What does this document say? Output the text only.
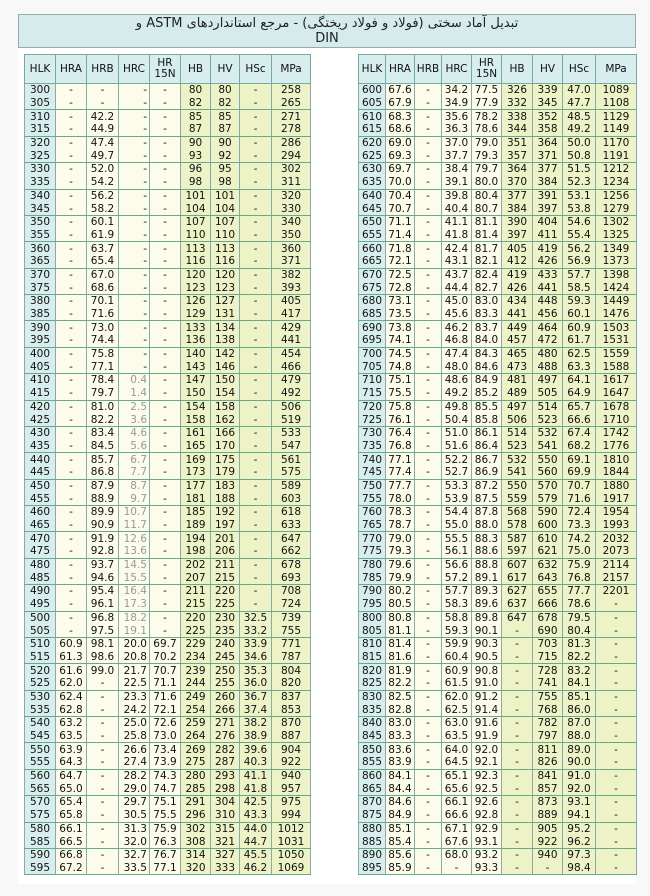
تبدیل آماد سختی (فولاد و فولاد ریختگی) - مرجع استانداردهای ASTM و
DIN
HLK	HRA	HRB	HRC	HR 15N	HB	HV	HSc	MPa
300	-	-	-	-	80	80	-	258
305	-	-	-	-	82	82	-	265
310	-	42.2	-	-	85	85	-	271
315	-	44.9	-	-	87	87	-	278
320	-	47.4	-	-	90	90	-	286
325	-	49.7	-	-	93	92	-	294
330	-	52.0	-	-	96	95	-	302
335	-	54.2	-	-	98	98	-	311
340	-	56.2	-	-	101	101	-	320
345	-	58.2	-	-	104	104	-	330
350	-	60.1	-	-	107	107	-	340
355	-	61.9	-	-	110	110	-	350
360	-	63.7	-	-	113	113	-	360
365	-	65.4	-	-	116	116	-	371
370	-	67.0	-	-	120	120	-	382
375	-	68.6	-	-	123	123	-	393
380	-	70.1	-	-	126	127	-	405
385	-	71.6	-	-	129	131	-	417
390	-	73.0	-	-	133	134	-	429
395	-	74.4	-	-	136	138	-	441
400	-	75.8	-	-	140	142	-	454
405	-	77.1	-	-	143	146	-	466
410	-	78.4	0.4	-	147	150	-	479
415	-	79.7	1.4	-	150	154	-	492
420	-	81.0	2.5	-	154	158	-	506
425	-	82.2	3.6	-	158	162	-	519
430	-	83.4	4.6	-	161	166	-	533
435	-	84.5	5.6	-	165	170	-	547
440	-	85.7	6.7	-	169	175	-	561
445	-	86.8	7.7	-	173	179	-	575
450	-	87.9	8.7	-	177	183	-	589
455	-	88.9	9.7	-	181	188	-	603
460	-	89.9	10.7	-	185	192	-	618
465	-	90.9	11.7	-	189	197	-	633
470	-	91.9	12.6	-	194	201	-	647
475	-	92.8	13.6	-	198	206	-	662
480	-	93.7	14.5	-	202	211	-	678
485	-	94.6	15.5	-	207	215	-	693
490	-	95.4	16.4	-	211	220	-	708
495	-	96.1	17.3	-	215	225	-	724
500	-	96.8	18.2	-	220	230	32.5	739
505	-	97.5	19.1	-	225	235	33.2	755
510	60.9	98.1	20.0	69.7	229	240	33.9	771
515	61.3	98.6	20.8	70.2	234	245	34.6	787
520	61.6	99.0	21.7	70.7	239	250	35.3	804
525	62.0	-	22.5	71.1	244	255	36.0	820
530	62.4	-	23.3	71.6	249	260	36.7	837
535	62.8	-	24.2	72.1	254	266	37.4	853
540	63.2	-	25.0	72.6	259	271	38.2	870
545	63.5	-	25.8	73.0	264	276	38.9	887
550	63.9	-	26.6	73.4	269	282	39.6	904
555	64.3	-	27.4	73.9	275	287	40.3	922
560	64.7	-	28.2	74.3	280	293	41.1	940
565	65.0	-	29.0	74.7	285	298	41.8	957
570	65.4	-	29.7	75.1	291	304	42.5	975
575	65.8	-	30.5	75.5	296	310	43.3	994
580	66.1	-	31.3	75.9	302	315	44.0	1012
585	66.5	-	32.0	76.3	308	321	44.7	1031
590	66.8	-	32.7	76.7	314	327	45.5	1050
595	67.2	-	33.5	77.1	320	333	46.2	1069
HLK	HRA	HRB	HRC	HR 15N	HB	HV	HSc	MPa
600	67.6	-	34.2	77.5	326	339	47.0	1089
605	67.9	-	34.9	77.9	332	345	47.7	1108
610	68.3	-	35.6	78.2	338	352	48.5	1129
615	68.6	-	36.3	78.6	344	358	49.2	1149
620	69.0	-	37.0	79.0	351	364	50.0	1170
625	69.3	-	37.7	79.3	357	371	50.8	1191
630	69.7	-	38.4	79.7	364	377	51.5	1212
635	70.0	-	39.1	80.0	370	384	52.3	1234
640	70.4	-	39.8	80.4	377	391	53.1	1256
645	70.7	-	40.4	80.7	384	397	53.8	1279
650	71.1	-	41.1	81.1	390	404	54.6	1302
655	71.4	-	41.8	81.4	397	411	55.4	1325
660	71.8	-	42.4	81.7	405	419	56.2	1349
665	72.1	-	43.1	82.1	412	426	56.9	1373
670	72.5	-	43.7	82.4	419	433	57.7	1398
675	72.8	-	44.4	82.7	426	441	58.5	1424
680	73.1	-	45.0	83.0	434	448	59.3	1449
685	73.5	-	45.6	83.3	441	456	60.1	1476
690	73.8	-	46.2	83.7	449	464	60.9	1503
695	74.1	-	46.8	84.0	457	472	61.7	1531
700	74.5	-	47.4	84.3	465	480	62.5	1559
705	74.8	-	48.0	84.6	473	488	63.3	1588
710	75.1	-	48.6	84.9	481	497	64.1	1617
715	75.5	-	49.2	85.2	489	505	64.9	1647
720	75.8	-	49.8	85.5	497	514	65.7	1678
725	76.1	-	50.4	85.8	506	523	66.6	1710
730	76.4	-	51.0	86.1	514	532	67.4	1742
735	76.8	-	51.6	86.4	523	541	68.2	1776
740	77.1	-	52.2	86.7	532	550	69.1	1810
745	77.4	-	52.7	86.9	541	560	69.9	1844
750	77.7	-	53.3	87.2	550	570	70.7	1880
755	78.0	-	53.9	87.5	559	579	71.6	1917
760	78.3	-	54.4	87.8	568	590	72.4	1954
765	78.7	-	55.0	88.0	578	600	73.3	1993
770	79.0	-	55.5	88.3	587	610	74.2	2032
775	79.3	-	56.1	88.6	597	621	75.0	2073
780	79.6	-	56.6	88.8	607	632	75.9	2114
785	79.9	-	57.2	89.1	617	643	76.8	2157
790	80.2	-	57.7	89.3	627	655	77.7	2201
795	80.5	-	58.3	89.6	637	666	78.6	-
800	80.8	-	58.8	89.8	647	678	79.5	-
805	81.1	-	59.3	90.1	-	690	80.4	-
810	81.4	-	59.9	90.3	-	703	81.3	-
815	81.6	-	60.4	90.5	-	715	82.2	-
820	81.9	-	60.9	90.8	-	728	83.2	-
825	82.2	-	61.5	91.0	-	741	84.1	-
830	82.5	-	62.0	91.2	-	755	85.1	-
835	82.8	-	62.5	91.4	-	768	86.0	-
840	83.0	-	63.0	91.6	-	782	87.0	-
845	83.3	-	63.5	91.9	-	797	88.0	-
850	83.6	-	64.0	92.0	-	811	89.0	-
855	83.9	-	64.5	92.1	-	826	90.0	-
860	84.1	-	65.1	92.3	-	841	91.0	-
865	84.4	-	65.6	92.5	-	857	92.0	-
870	84.6	-	66.1	92.6	-	873	93.1	-
875	84.9	-	66.6	92.8	-	889	94.1	-
880	85.1	-	67.1	92.9	-	905	95.2	-
885	85.4	-	67.6	93.1	-	922	96.2	-
890	85.6	-	68.0	93.2	-	940	97.3	-
895	85.9	-	-	93.3	-	-	98.4	-
